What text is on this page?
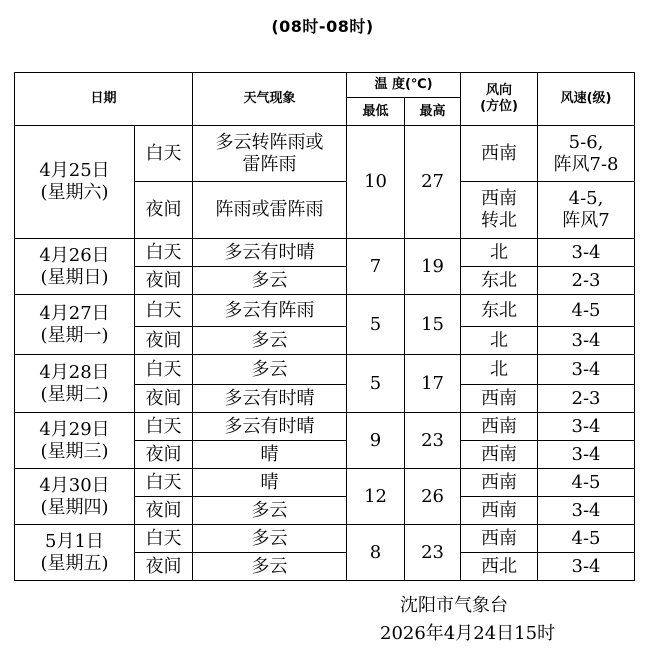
(08时-08时)
日期		天气现象	温 度(℃)		风向
(方位)	风速(级)
			最低	最高		
4月25日
(星期六)	白天	多云转阵雨或
雷阵雨	10	27	西南	5-6,
阵风7-8
	夜间	阵雨或雷阵雨			西南
转北	4-5,
阵风7
4月26日
(星期日)	白天	多云有时晴	7	19	北	3-4
	夜间	多云			东北	2-3
4月27日
(星期一)	白天	多云有阵雨	5	15	东北	4-5
	夜间	多云			北	3-4
4月28日
(星期二)	白天	多云	5	17	北	3-4
	夜间	多云有时晴			西南	2-3
4月29日
(星期三)	白天	多云有时晴	9	23	西南	3-4
	夜间	晴			西南	3-4
4月30日
(星期四)	白天	晴	12	26	西南	4-5
	夜间	多云			西南	3-4
5月1日
(星期五)	白天	多云	8	23	西南	4-5
	夜间	多云			西北	3-4
沈阳市气象台
2026年4月24日15时
